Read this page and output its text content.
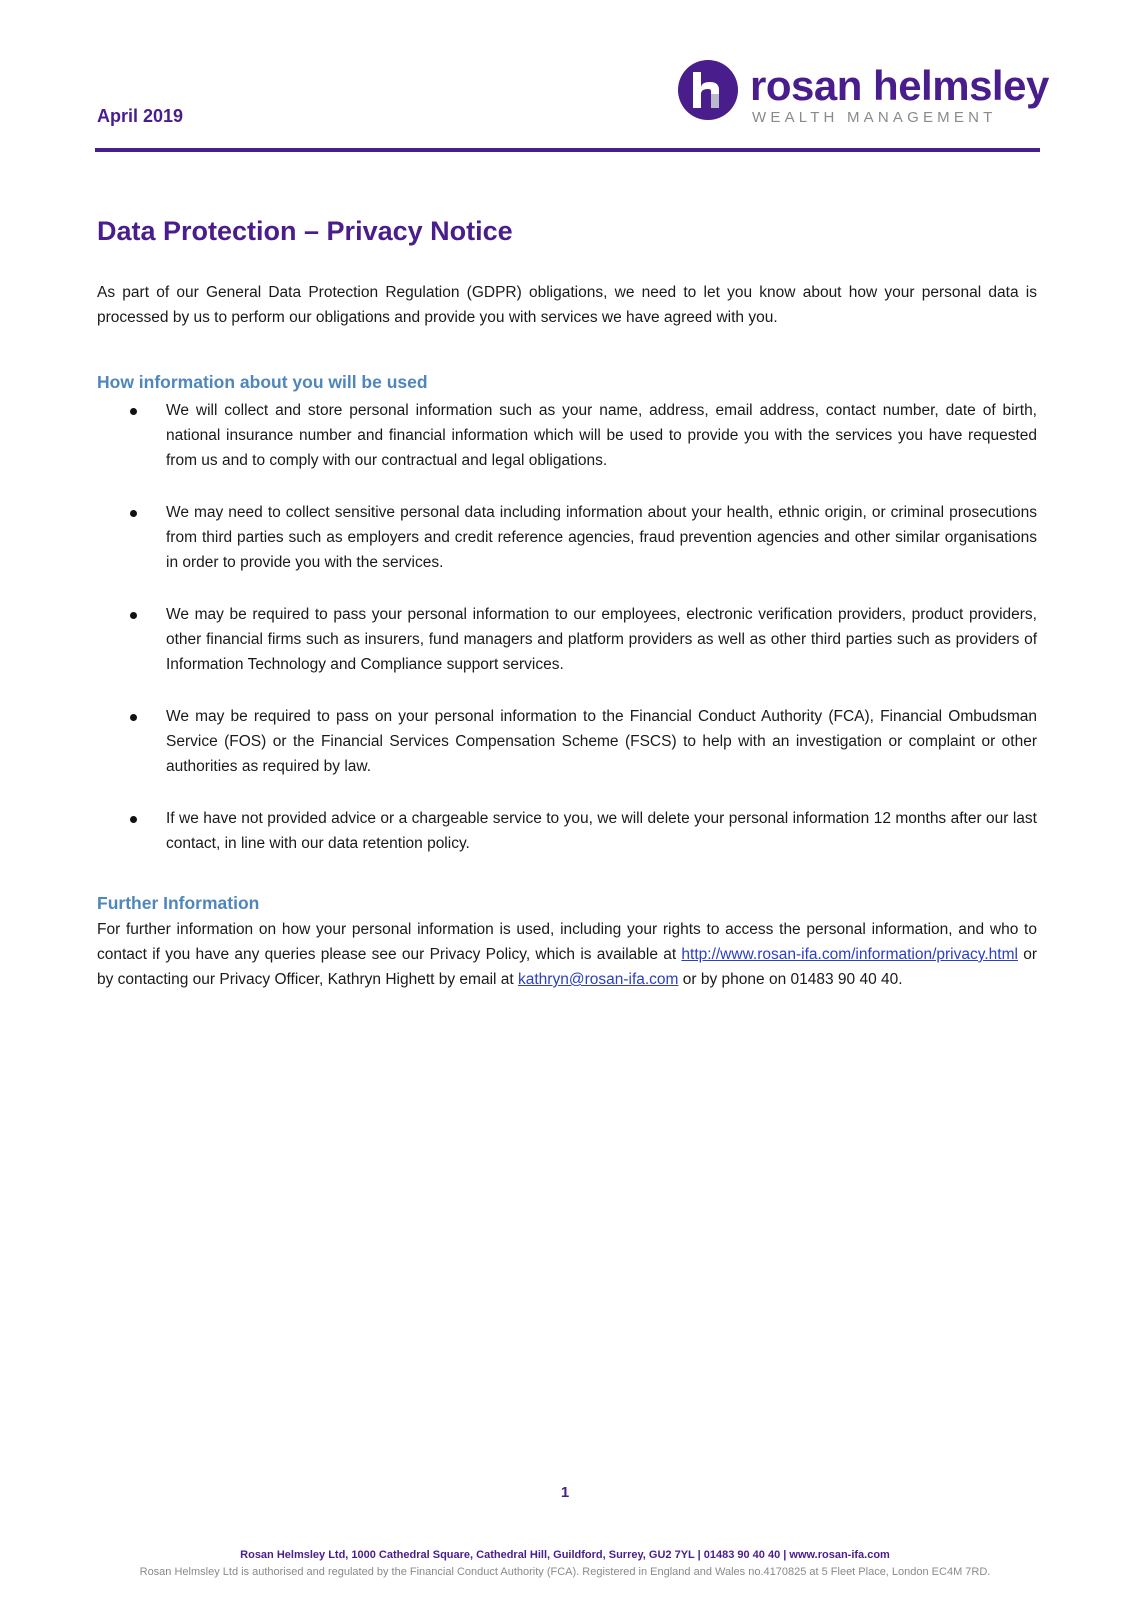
April 2019
rosan helmsley
WEALTH MANAGEMENT
Data Protection – Privacy Notice

As part of our General Data Protection Regulation (GDPR) obligations, we need to let you know about how your personal data is processed by us to perform our obligations and provide you with services we have agreed with you.

How information about you will be used
We will collect and store personal information such as your name, address, email address, contact number, date of birth, national insurance number and financial information which will be used to provide you with the services you have requested from us and to comply with our contractual and legal obligations.
We may need to collect sensitive personal data including information about your health, ethnic origin, or criminal prosecutions from third parties such as employers and credit reference agencies, fraud prevention agencies and other similar organisations in order to provide you with the services.
We may be required to pass your personal information to our employees, electronic verification providers, product providers, other financial firms such as insurers, fund managers and platform providers as well as other third parties such as providers of Information Technology and Compliance support services.
We may be required to pass on your personal information to the Financial Conduct Authority (FCA), Financial Ombudsman Service (FOS) or the Financial Services Compensation Scheme (FSCS) to help with an investigation or complaint or other authorities as required by law.
If we have not provided advice or a chargeable service to you, we will delete your personal information 12 months after our last contact, in line with our data retention policy.
Further Information

For further information on how your personal information is used, including your rights to access the personal information, and who to contact if you have any queries please see our Privacy Policy, which is available at http://www.rosan-ifa.com/information/privacy.html or by contacting our Privacy Officer, Kathryn Highett by email at kathryn@rosan-ifa.com or by phone on 01483 90 40 40.

1
Rosan Helmsley Ltd, 1000 Cathedral Square, Cathedral Hill, Guildford, Surrey, GU2 7YL | 01483 90 40 40 | www.rosan-ifa.com
Rosan Helmsley Ltd is authorised and regulated by the Financial Conduct Authority (FCA). Registered in England and Wales no.4170825 at 5 Fleet Place, London EC4M 7RD.
